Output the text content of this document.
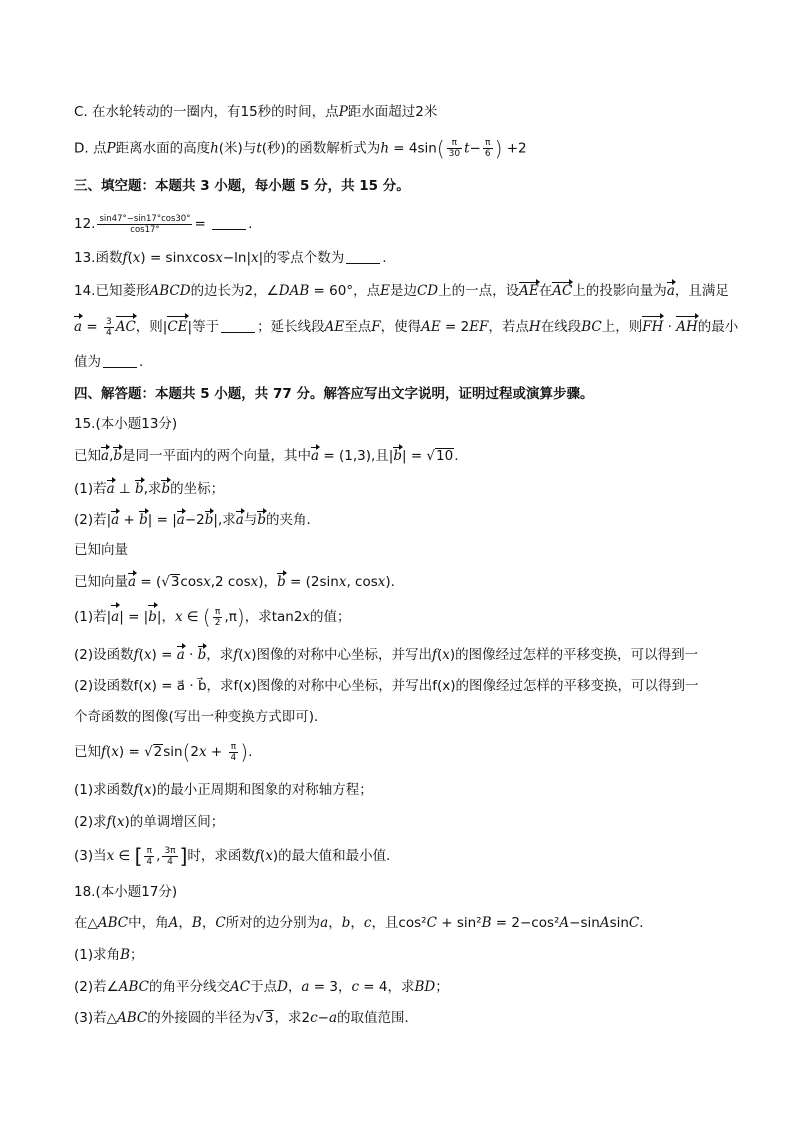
C. 在水轮转动的一圈内，有15秒的时间，点P距水面超过2米
D. 点P距离水面的高度h(米)与t(秒)的函数解析式为$h = 4\sin( \frac{\pi}{30} t- \frac{\pi}{6}$ ) +2
三、填空题：本题共 3 小题，每小题 5 分，共 15 分。
12. $\frac{\sin 47^\circ-\sin 17^\circ\cos 30^\circ}{\cos 17^\circ}$ =	.
13.函数f(x) = sinxcosx−ln|x|的零点个数为	.
14.已知菱形ABCD的边长为2，∠DAB = 60°，点E是边CD上的一点，设AE在AC上的投影向量为a，且满足
$a = \frac{3}{4}$ AC，则|CE|等于	；延长线段AE至点F，使得AE = 2EF，若点H在线段BC上，则FH · AH的最小
值为	.
四、解答题：本题共 5 小题，共 77 分。解答应写出文字说明，证明过程或演算步骤。
15.(本小题13分)
已知a,b是同一平面内的两个向量，其中a = (1,3),且|b| = √10.
(1)若a ⊥ b,求b的坐标；
(2)若|a + b| = |a−2b|,求a与b的夹角．
已知向量
已知向量a = (√3cosx,2 cosx)，b = (2sinx, cosx).
(1)若|a| = |b|，x ∈ ( $\frac{\pi}{2} ,\pi$)，求tan2x的值；
(2)设函数f(x) = a · b，求f(x)图像的对称中心坐标，并写出f(x)的图像经过怎样的平移变换，可以得到一
(2)设函数f(x) = a⃗ · b⃗，求f(x)图像的对称中心坐标，并写出f(x)的图像经过怎样的平移变换，可以得到一
个奇函数的图像(写出一种变换方式即可)．
已知$f(x) = √2\sin(2x + \frac{\pi}{4}$ ).
(1)求函数f(x)的最小正周期和图象的对称轴方程；
(2)求f(x)的单调增区间；
(3)当x ∈ [ $\frac{\pi}{4}$ , $\frac{3\pi}{4}$ ]时，求函数f(x)的最大值和最小值．
18.(本小题17分)
在△ABC中，角A，B，C所对的边分别为a，b，c，且cos²C + sin²B = 2−cos²A−sinAsinC．
(1)求角B；
(2)若∠ABC的角平分线交AC于点D，a = 3，c = 4，求BD；
(3)若△ABC的外接圆的半径为√3，求2c−a的取值范围．
